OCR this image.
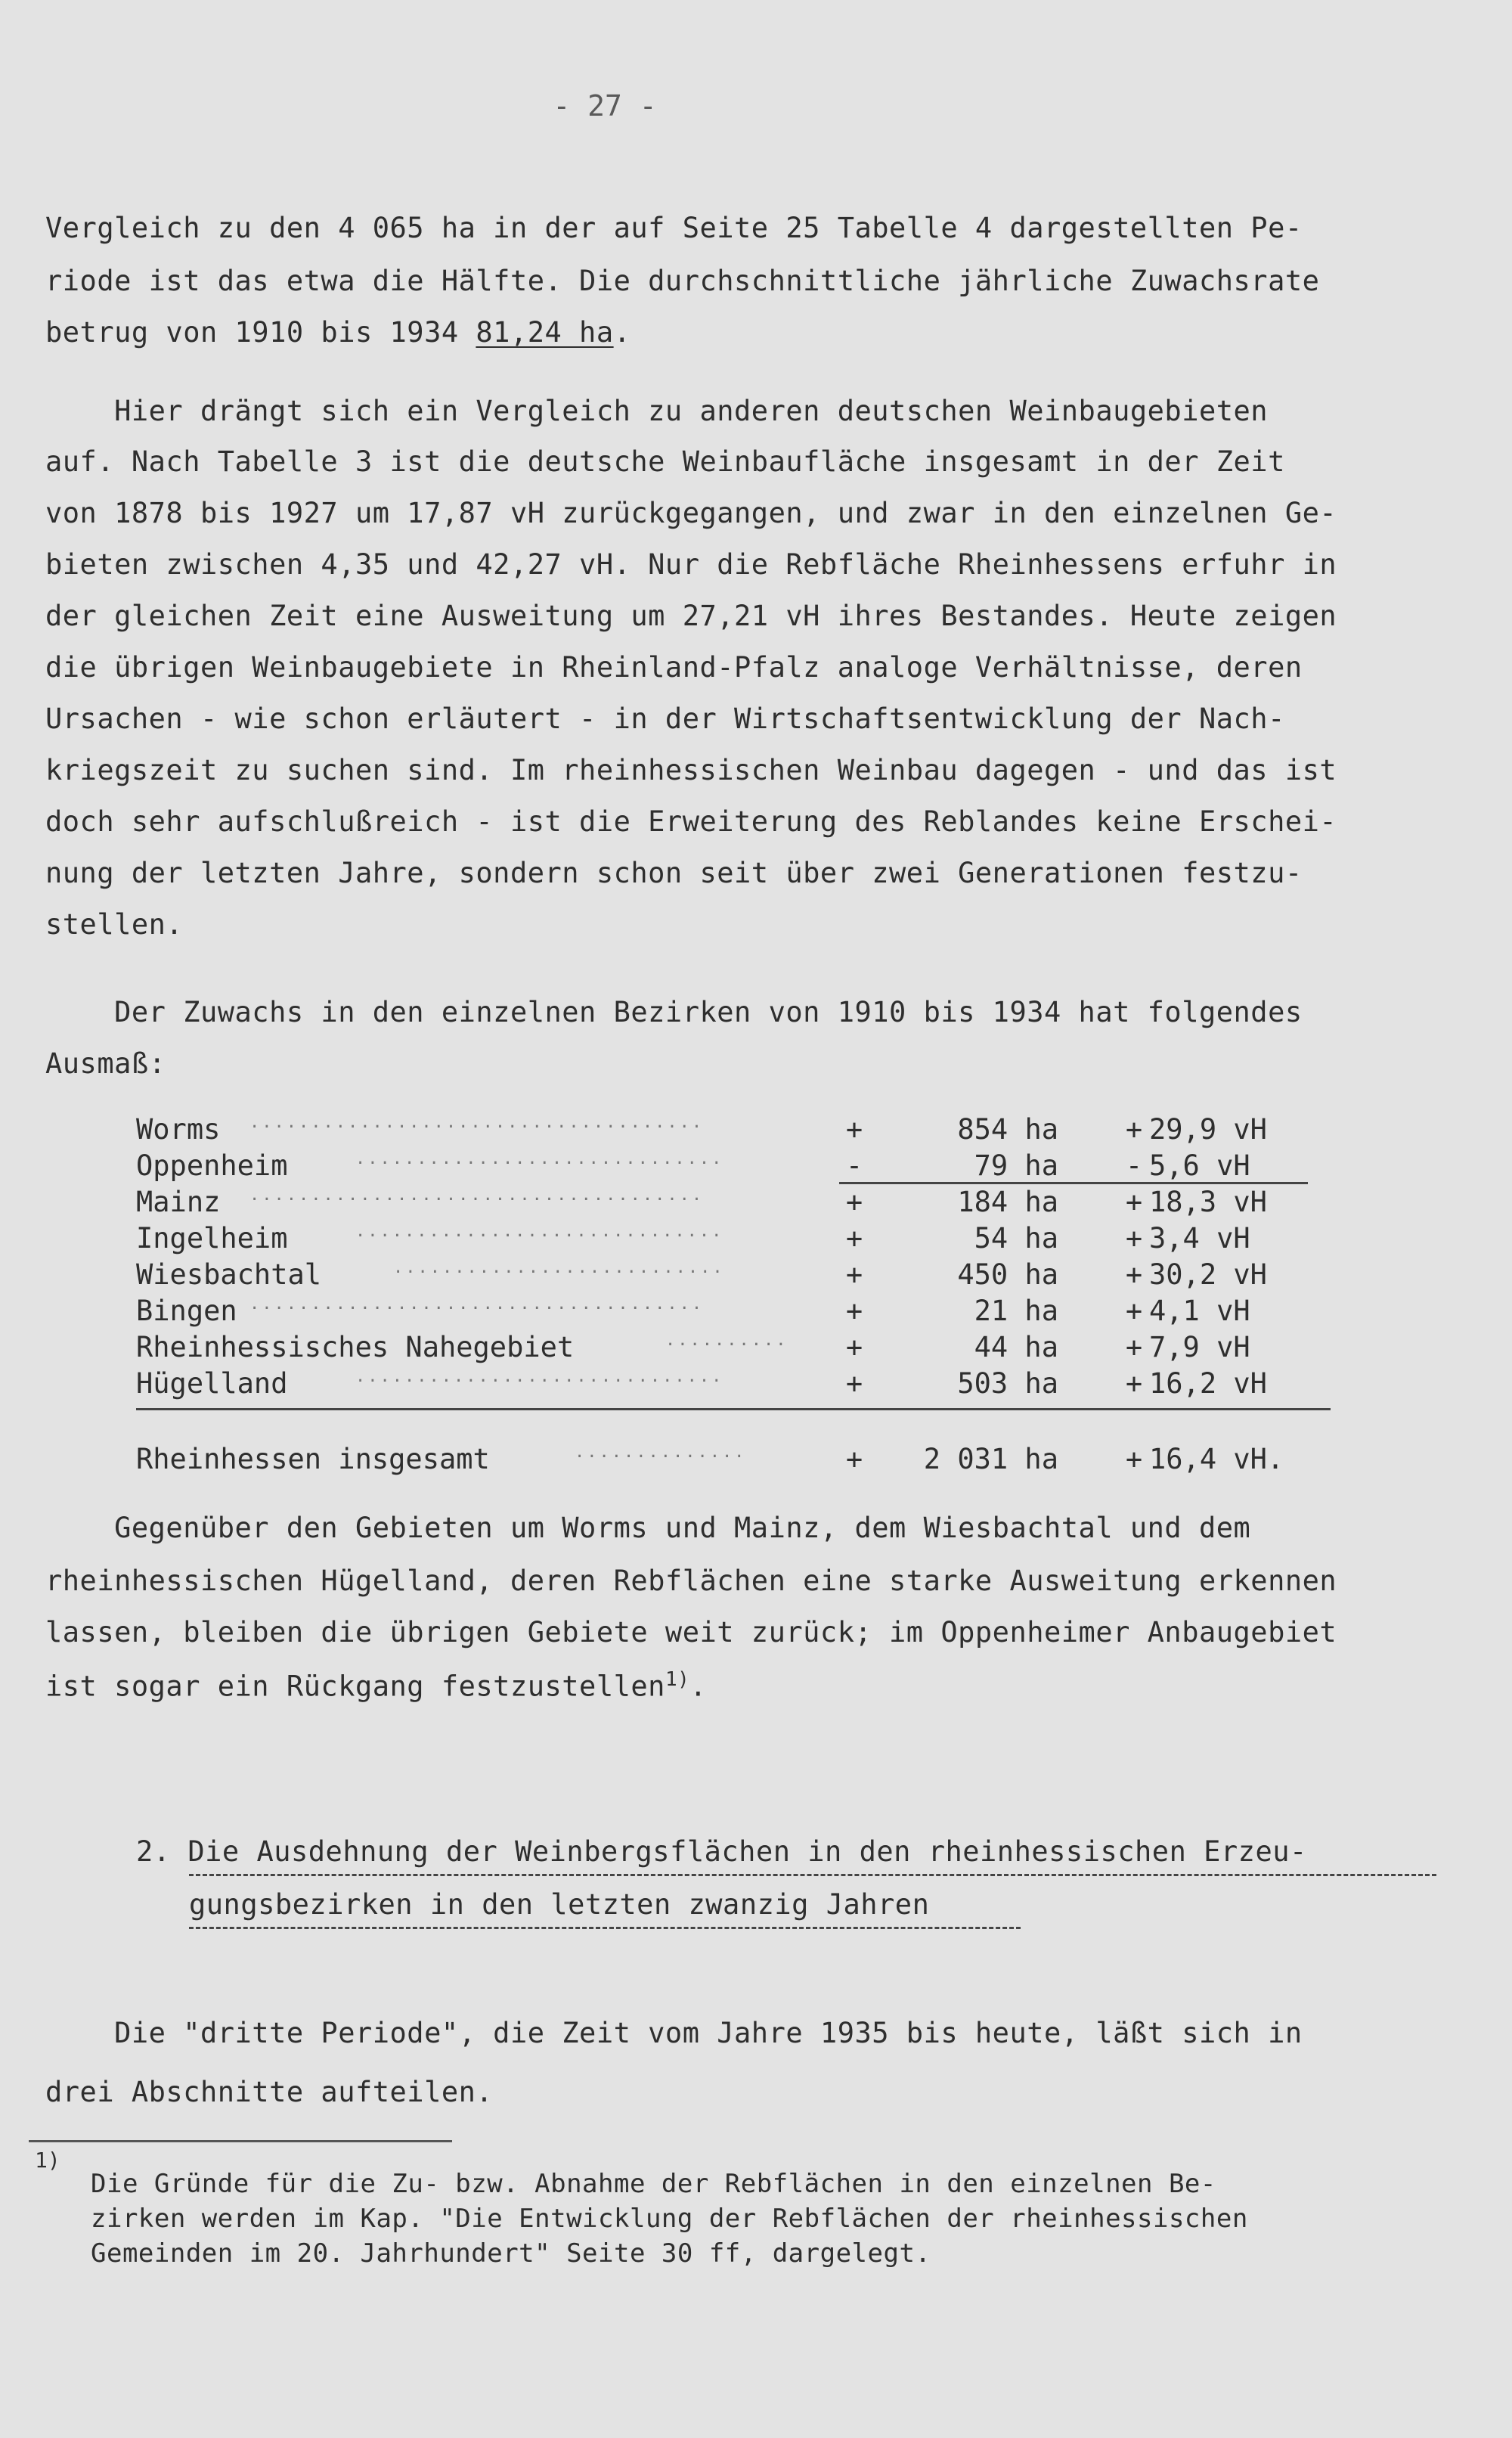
- 27 -
Vergleich zu den 4 065 ha in der auf Seite 25 Tabelle 4 dargestellten Pe-
riode ist das etwa die Hälfte. Die durchschnittliche jährliche Zuwachsrate
betrug von 1910 bis 1934 81,24 ha.
Hier drängt sich ein Vergleich zu anderen deutschen Weinbaugebieten
auf. Nach Tabelle 3 ist die deutsche Weinbaufläche insgesamt in der Zeit
von 1878 bis 1927 um 17,87 vH zurückgegangen, und zwar in den einzelnen Ge-
bieten zwischen 4,35 und 42,27 vH. Nur die Rebfläche Rheinhessens erfuhr in
der gleichen Zeit eine Ausweitung um 27,21 vH ihres Bestandes. Heute zeigen
die übrigen Weinbaugebiete in Rheinland-Pfalz analoge Verhältnisse, deren
Ursachen - wie schon erläutert - in der Wirtschaftsentwicklung der Nach-
kriegszeit zu suchen sind. Im rheinhessischen Weinbau dagegen - und das ist
doch sehr aufschlußreich - ist die Erweiterung des Reblandes keine Erschei-
nung der letzten Jahre, sondern schon seit über zwei Generationen festzu-
stellen.
Der Zuwachs in den einzelnen Bezirken von 1910 bis 1934 hat folgendes
Ausmaß:
Worms ·····································	+	854 ha + 29,9 vH
Oppenheim	······························	-	79 ha - 5,6 vH
Mainz ·····································	+	184 ha + 18,3 vH
Ingelheim	······························	+	54 ha + 3,4 vH
Wiesbachtal	···························	+	450 ha + 30,2 vH
Bingen ·····································	+	21 ha + 4,1 vH
Rheinhessisches Nahegebiet	·········· +	44 ha + 7,9 vH
Hügelland	······························	+	503 ha + 16,2 vH
Rheinhessen insgesamt	··············	+	2 031 ha + 16,4 vH.
Gegenüber den Gebieten um Worms und Mainz, dem Wiesbachtal und dem
rheinhessischen Hügelland, deren Rebflächen eine starke Ausweitung erkennen
lassen, bleiben die übrigen Gebiete weit zurück; im Oppenheimer Anbaugebiet
ist sogar ein Rückgang festzustellen$^{1)}$.
2. Die Ausdehnung der Weinbergsflächen in den rheinhessischen Erzeu-
gungsbezirken in den letzten zwanzig Jahren
Die "dritte Periode", die Zeit vom Jahre 1935 bis heute, läßt sich in
drei Abschnitte aufteilen.
1)
Die Gründe für die Zu- bzw. Abnahme der Rebflächen in den einzelnen Be-
zirken werden im Kap. "Die Entwicklung der Rebflächen der rheinhessischen
Gemeinden im 20. Jahrhundert" Seite 30 ff, dargelegt.
